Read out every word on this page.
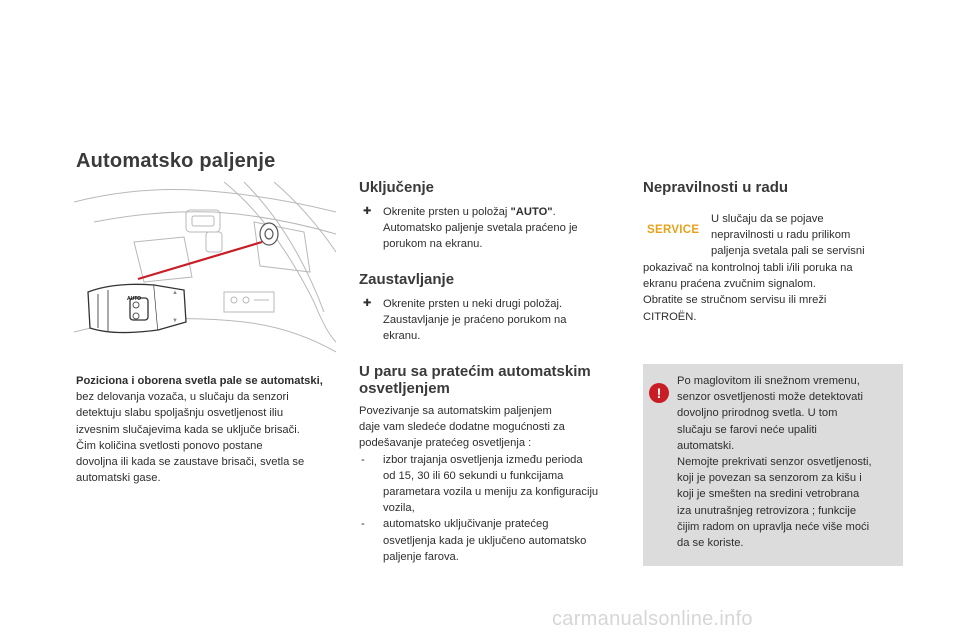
Automatsko paljenje
AUTO
▲
▼
Poziciona i oborena svetla pale se automatski,
bez delovanja vozača, u slučaju da senzori
detektuju slabu spoljašnju osvetljenost iliu
izvesnim slučajevima kada se uključe brisači.
Čim količina svetlosti ponovo postane
dovoljna ili kada se zaustave brisači, svetla se
automatski gase.
Uključenje
✚ Okrenite prsten u položaj "AUTO".
Automatsko paljenje svetala praćeno je
porukom na ekranu.
Zaustavljanje
✚ Okrenite prsten u neki drugi položaj.
Zaustavljanje je praćeno porukom na
ekranu.
U paru sa pratećim automatskim
osvetljenjem
Povezivanje sa automatskim paljenjem
daje vam sledeće dodatne mogućnosti za
podešavanje pratećeg osvetljenja :
- izbor trajanja osvetljenja između perioda
od 15, 30 ili 60 sekundi u funkcijama
parametara vozila u meniju za konfiguraciju
vozila,
- automatsko uključivanje pratećeg
osvetljenja kada je uključeno automatsko
paljenje farova.
Nepravilnosti u radu
SERVICE
U slučaju da se pojave
nepravilnosti u radu prilikom
paljenja svetala pali se servisni
pokazivač na kontrolnoj tabli i/ili poruka na
ekranu praćena zvučnim signalom.
Obratite se stručnom servisu ili mreži
CITROËN.
!
Po maglovitom ili snežnom vremenu,
senzor osvetljenosti može detektovati
dovoljno prirodnog svetla. U tom
slučaju se farovi neće upaliti
automatski.
Nemojte prekrivati senzor osvetljenosti,
koji je povezan sa senzorom za kišu i
koji je smešten na sredini vetrobrana
iza unutrašnjeg retrovizora ; funkcije
čijim radom on upravlja neće više moći
da se koriste.
carmanualsonline.info
